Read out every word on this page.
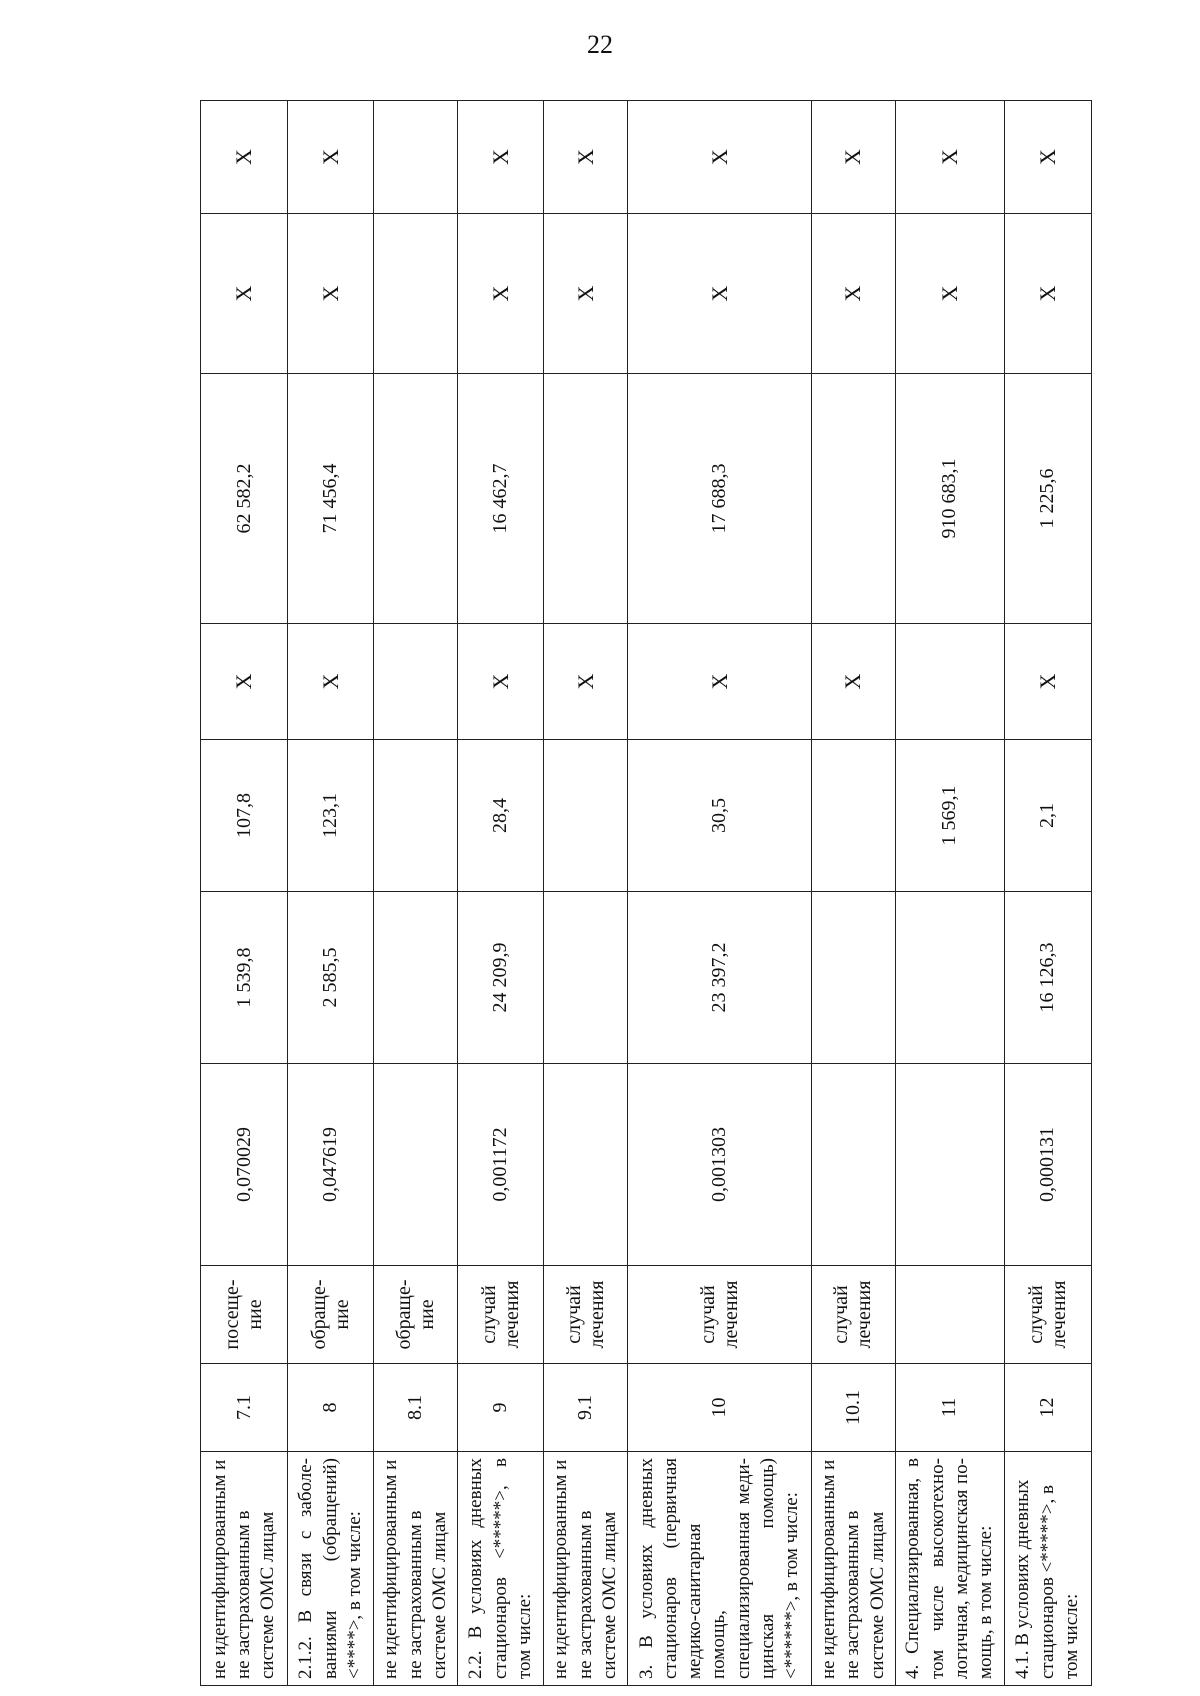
22
не идентифицированным и не застрахованным в системе ОМС лицам	7.1	посеще-ние	0,070029	1 539,8	107,8	Х	62 582,2	Х	Х
2.1.2. В связи с заболе-ваниями (обращений) <****>, в том числе:	8	обраще-ние	0,047619	2 585,5	123,1	Х	71 456,4	Х	Х
не идентифицированным и не застрахованным в системе ОМС лицам	8.1	обраще-ние							
2.2. В условиях дневных стационаров <*****>, в том числе:	9	случай лечения	0,001172	24 209,9	28,4	Х	16 462,7	Х	Х
не идентифицированным и не застрахованным в системе ОМС лицам	9.1	случай лечения				Х		Х	Х
3. В условиях дневных стационаров (первичная медико-санитарная помощь, специализированная меди-цинская помощь) <******>, в том числе:	10	случай лечения	0,001303	23 397,2	30,5	Х	17 688,3	Х	Х
не идентифицированным и не застрахованным в системе ОМС лицам	10.1	случай лечения				Х		Х	Х
4. Специализированная, в том числе высокотехно-логичная, медицинская по-мощь, в том числе:	11				1 569,1		910 683,1	Х	Х
4.1. В условиях дневных стационаров <*****>, в том числе:	12	случай лечения	0,000131	16 126,3	2,1	Х	1 225,6	Х	Х
